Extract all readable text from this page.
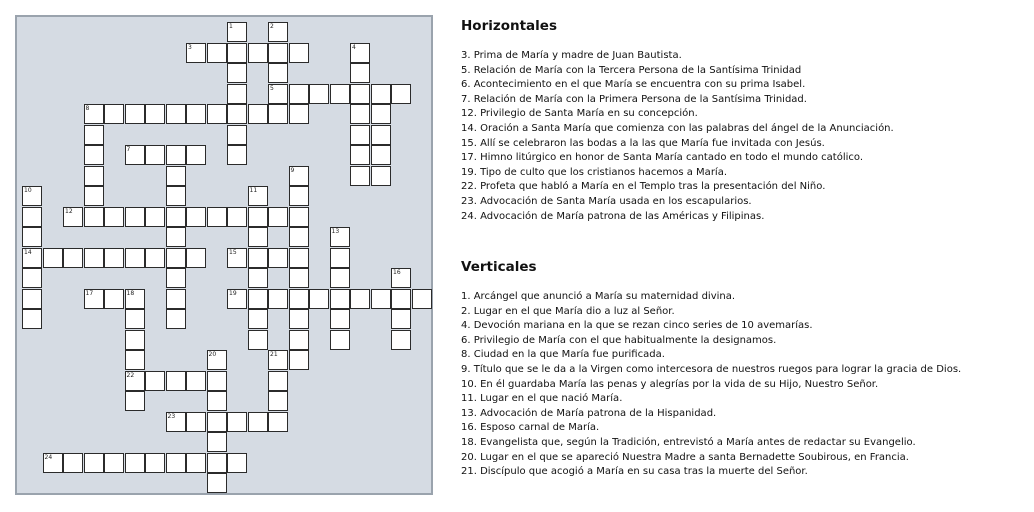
1	2
5
3	4
8
7
9
10
14
11
12
13
15
16
17	18
22
19
20	21
23
24
Horizontales
3. Prima de María y madre de Juan Bautista.
5. Relación de María con la Tercera Persona de la Santísima Trinidad
6. Acontecimiento en el que María se encuentra con su prima Isabel.
7. Relación de María con la Primera Persona de la Santísima Trinidad.
12. Privilegio de Santa María en su concepción.
14. Oración a Santa María que comienza con las palabras del ángel de la Anunciación.
15. Allí se celebraron las bodas a la las que María fue invitada con Jesús.
17. Himno litúrgico en honor de Santa María cantado en todo el mundo católico.
19. Tipo de culto que los cristianos hacemos a María.
22. Profeta que habló a María en el Templo tras la presentación del Niño.
23. Advocación de Santa María usada en los escapularios.
24. Advocación de María patrona de las Américas y Filipinas.
Verticales
1. Arcángel que anunció a María su maternidad divina.
2. Lugar en el que María dio a luz al Señor.
4. Devoción mariana en la que se rezan cinco series de 10 avemarías.
6. Privilegio de María con el que habitualmente la designamos.
8. Ciudad en la que María fue purificada.
9. Título que se le da a la Virgen como intercesora de nuestros ruegos para lograr la gracia de Dios.
10. En él guardaba María las penas y alegrías por la vida de su Hijo, Nuestro Señor.
11. Lugar en el que nació María.
13. Advocación de María patrona de la Hispanidad.
16. Esposo carnal de María.
18. Evangelista que, según la Tradición, entrevistó a María antes de redactar su Evangelio.
20. Lugar en el que se apareció Nuestra Madre a santa Bernadette Soubirous, en Francia.
21. Discípulo que acogió a María en su casa tras la muerte del Señor.
